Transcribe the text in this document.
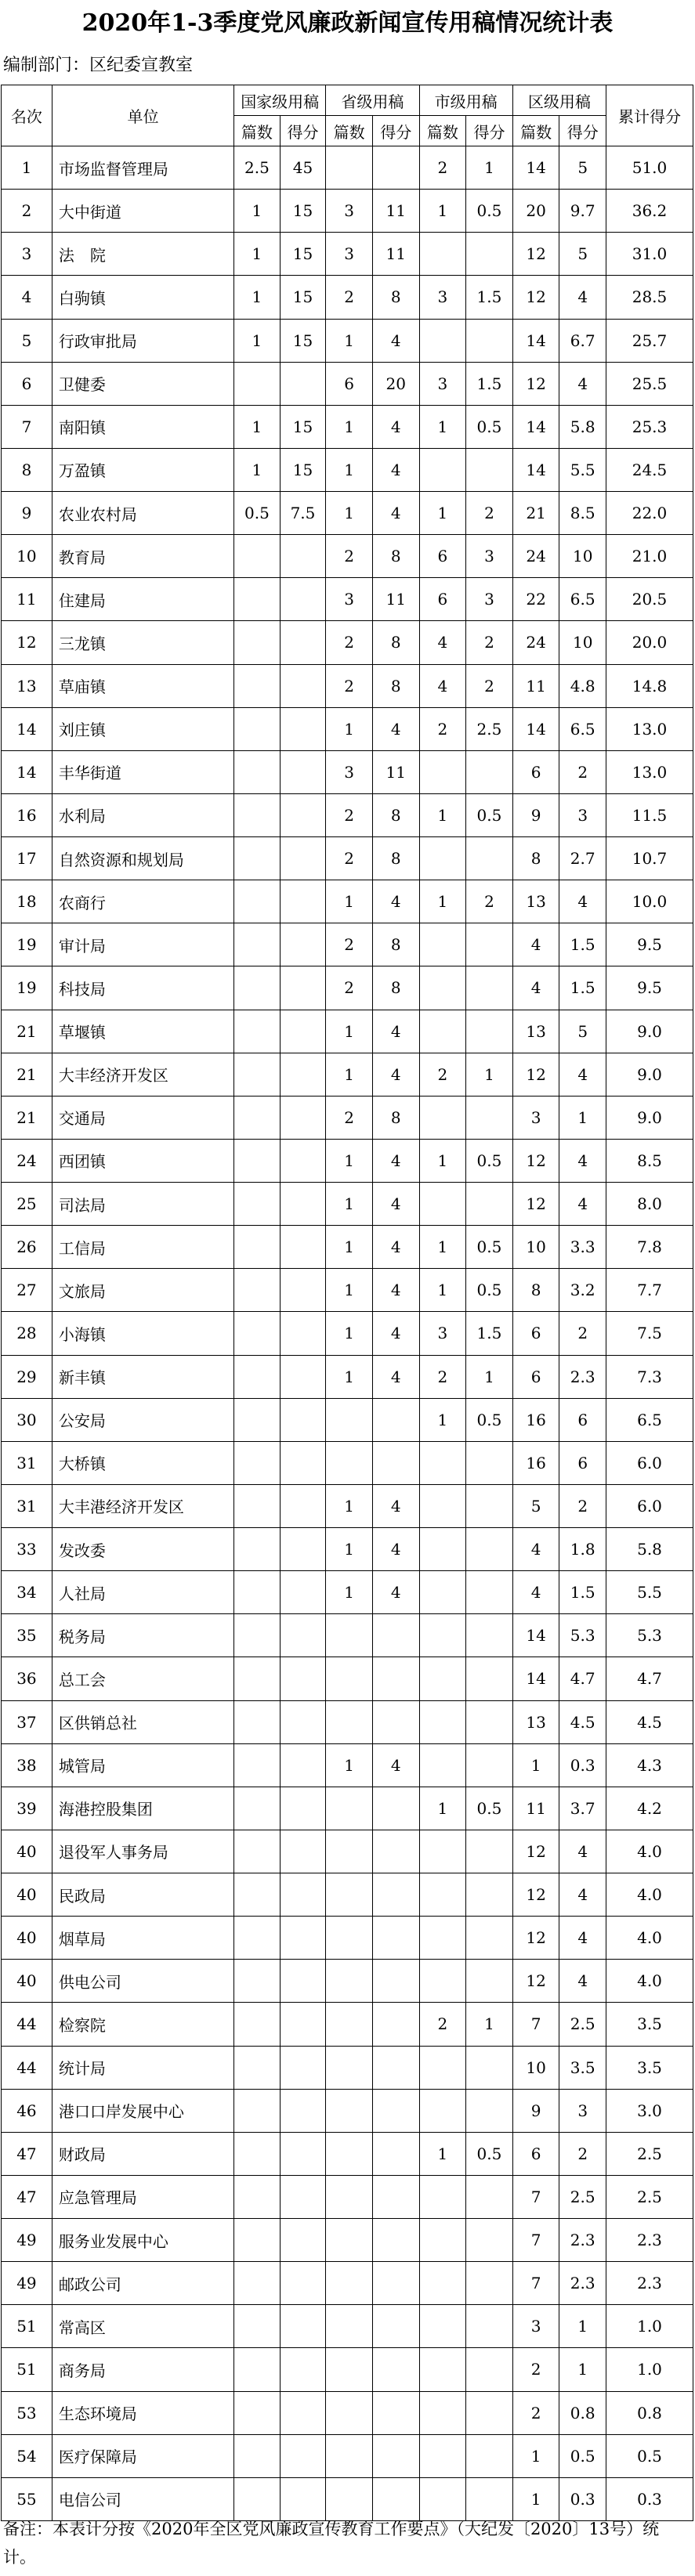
2020年1-3季度党风廉政新闻宣传用稿情况统计表
编制部门：区纪委宣教室
名次	单位	国家级用稿		省级用稿		市级用稿		区级用稿		累计得分
		篇数	得分	篇数	得分	篇数	得分	篇数	得分	
1	市场监督管理局	2.5	45			2	1	14	5	51.0
2	大中街道	1	15	3	11	1	0.5	20	9.7	36.2
3	法　院	1	15	3	11			12	5	31.0
4	白驹镇	1	15	2	8	3	1.5	12	4	28.5
5	行政审批局	1	15	1	4			14	6.7	25.7
6	卫健委			6	20	3	1.5	12	4	25.5
7	南阳镇	1	15	1	4	1	0.5	14	5.8	25.3
8	万盈镇	1	15	1	4			14	5.5	24.5
9	农业农村局	0.5	7.5	1	4	1	2	21	8.5	22.0
10	教育局			2	8	6	3	24	10	21.0
11	住建局			3	11	6	3	22	6.5	20.5
12	三龙镇			2	8	4	2	24	10	20.0
13	草庙镇			2	8	4	2	11	4.8	14.8
14	刘庄镇			1	4	2	2.5	14	6.5	13.0
14	丰华街道			3	11			6	2	13.0
16	水利局			2	8	1	0.5	9	3	11.5
17	自然资源和规划局			2	8			8	2.7	10.7
18	农商行			1	4	1	2	13	4	10.0
19	审计局			2	8			4	1.5	9.5
19	科技局			2	8			4	1.5	9.5
21	草堰镇			1	4			13	5	9.0
21	大丰经济开发区			1	4	2	1	12	4	9.0
21	交通局			2	8			3	1	9.0
24	西团镇			1	4	1	0.5	12	4	8.5
25	司法局			1	4			12	4	8.0
26	工信局			1	4	1	0.5	10	3.3	7.8
27	文旅局			1	4	1	0.5	8	3.2	7.7
28	小海镇			1	4	3	1.5	6	2	7.5
29	新丰镇			1	4	2	1	6	2.3	7.3
30	公安局					1	0.5	16	6	6.5
31	大桥镇							16	6	6.0
31	大丰港经济开发区			1	4			5	2	6.0
33	发改委			1	4			4	1.8	5.8
34	人社局			1	4			4	1.5	5.5
35	税务局							14	5.3	5.3
36	总工会							14	4.7	4.7
37	区供销总社							13	4.5	4.5
38	城管局			1	4			1	0.3	4.3
39	海港控股集团					1	0.5	11	3.7	4.2
40	退役军人事务局							12	4	4.0
40	民政局							12	4	4.0
40	烟草局							12	4	4.0
40	供电公司							12	4	4.0
44	检察院					2	1	7	2.5	3.5
44	统计局							10	3.5	3.5
46	港口口岸发展中心							9	3	3.0
47	财政局					1	0.5	6	2	2.5
47	应急管理局							7	2.5	2.5
49	服务业发展中心							7	2.3	2.3
49	邮政公司							7	2.3	2.3
51	常高区							3	1	1.0
51	商务局							2	1	1.0
53	生态环境局							2	0.8	0.8
54	医疗保障局							1	0.5	0.5
55	电信公司							1	0.3	0.3
备注：本表计分按《2020年全区党风廉政宣传教育工作要点》（大纪发〔2020〕13号）统计。
